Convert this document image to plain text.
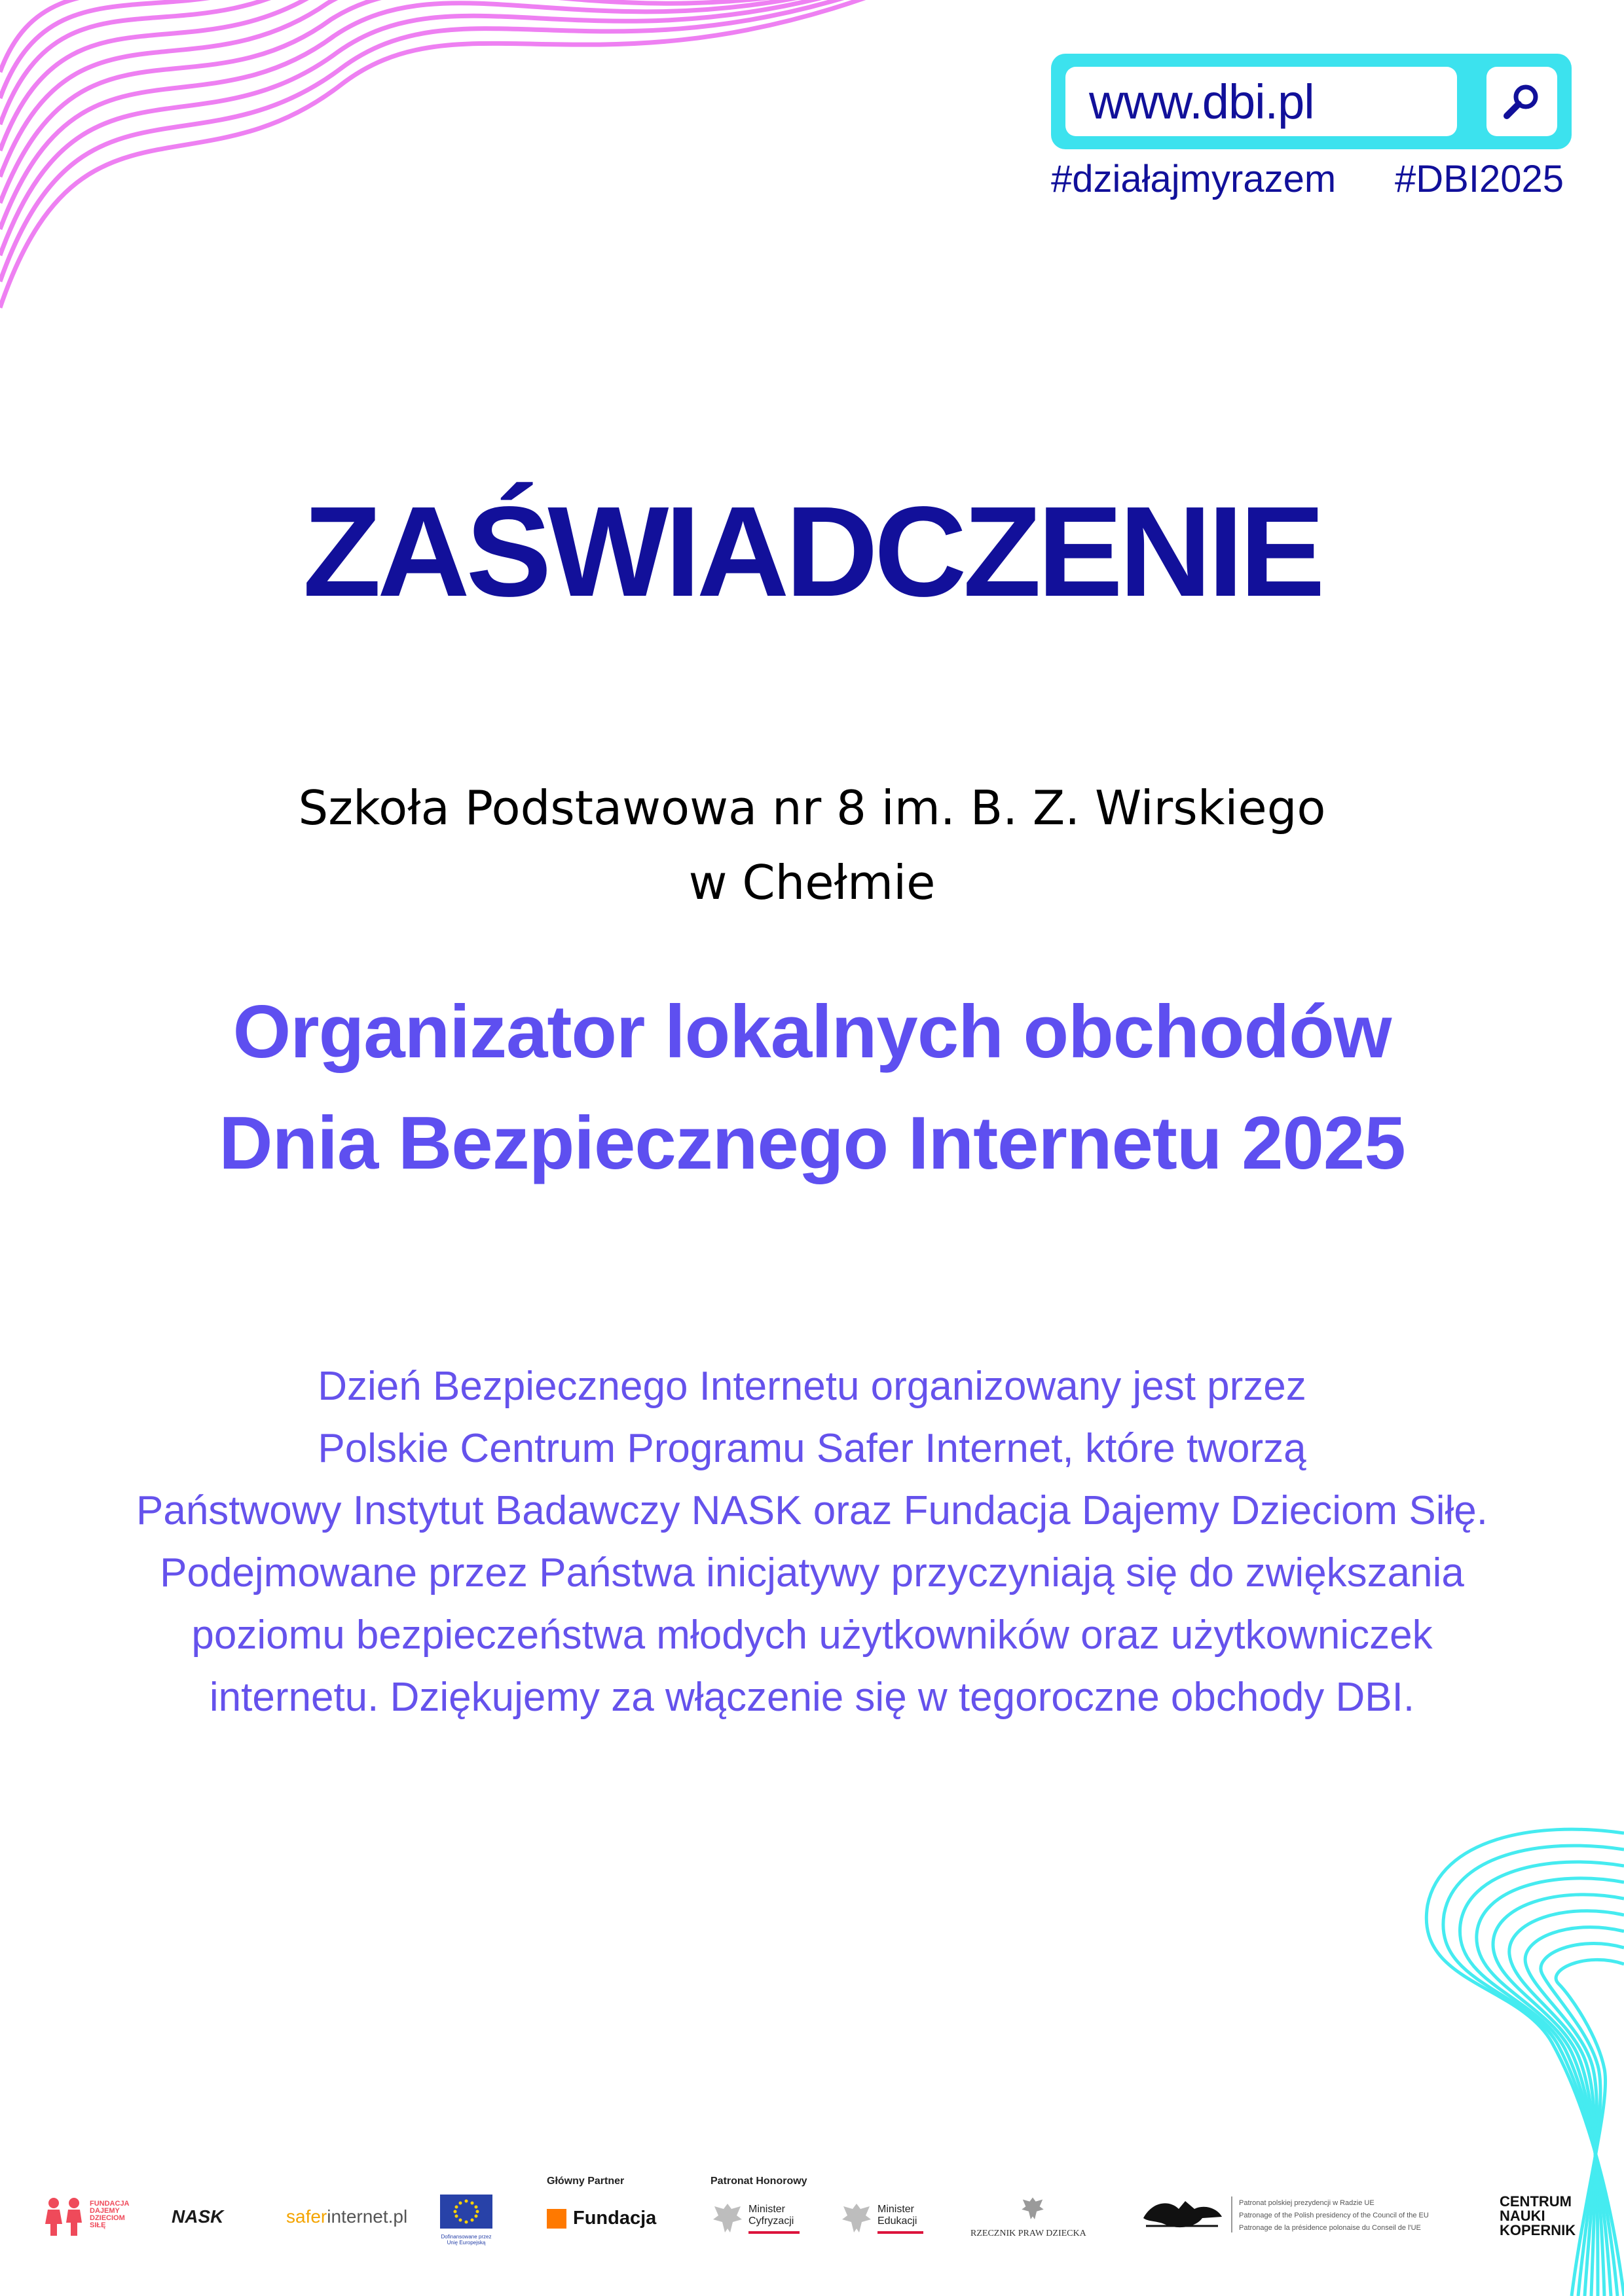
www.dbi.pl
#działajmyrazem #DBI2025
ZAŚWIADCZENIE
Szkoła Podstawowa nr 8 im. B. Z. Wirskiego
w Chełmie
Organizator lokalnych obchodów
Dnia Bezpiecznego Internetu 2025
Dzień Bezpiecznego Internetu organizowany jest przez
Polskie Centrum Programu Safer Internet, które tworzą
Państwowy Instytut Badawczy NASK oraz Fundacja Dajemy Dzieciom Siłę.
Podejmowane przez Państwa inicjatywy przyczyniają się do zwiększania
poziomu bezpieczeństwa młodych użytkowników oraz użytkowniczek
internetu. Dziękujemy za włączenie się w tegoroczne obchody DBI.
FUNDACJA
DAJEMY
DZIECIOM
SIŁĘ	NASK	saferinternet.pl
Dofinansowane przez
Unię Europejską
Główny Partner
Fundacja
Patronat Honorowy
Minister
Cyfryzacji
Minister
Edukacji
RZECZNIK PRAW DZIECKA
Patronat polskiej prezydencji w Radzie UE
Patronage of the Polish presidency of the Council of the EU
Patronage de la présidence polonaise du Conseil de l'UE
CENTRUM
NAUKI
KOPERNIK
